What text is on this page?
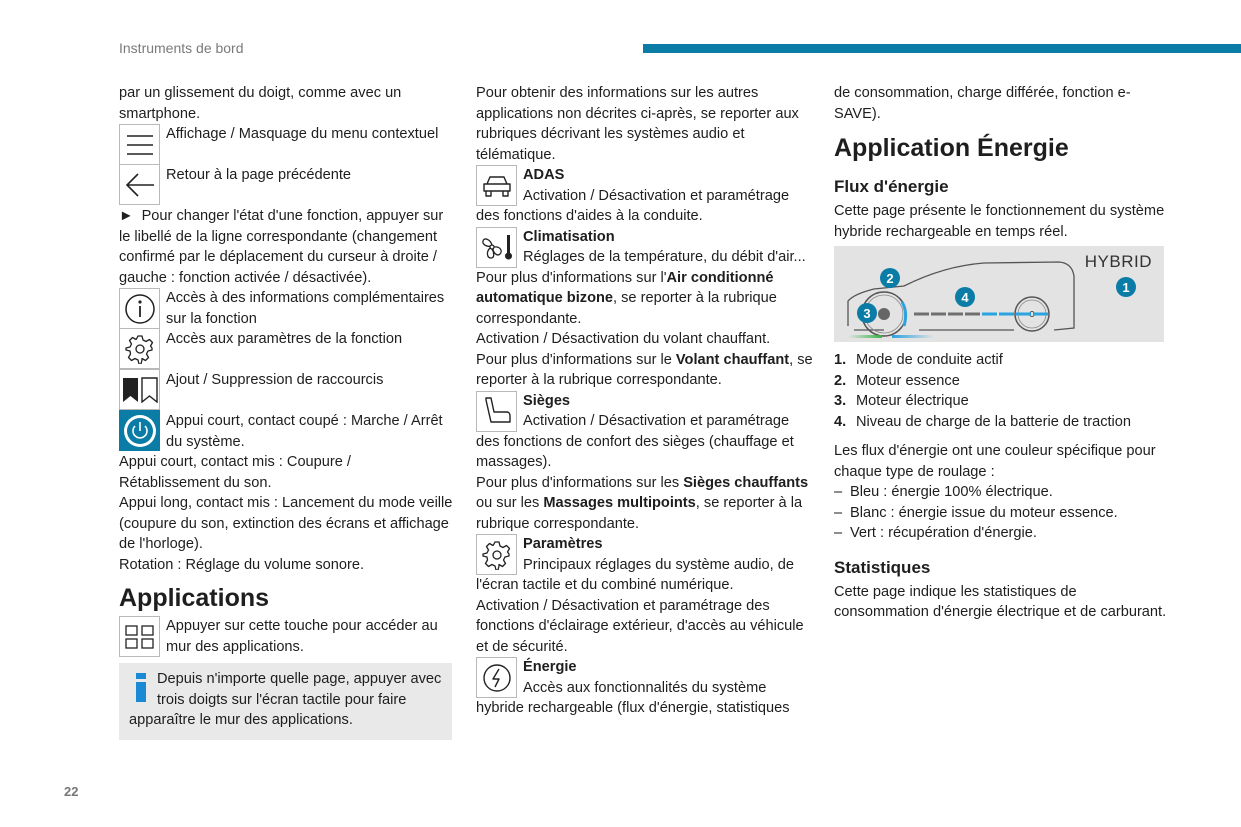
Instruments de bord

par un glissement du doigt, comme avec un smartphone.

Affichage / Masquage du menu contextuel
Retour à la page précédente

► Pour changer l'état d'une fonction, appuyer sur le libellé de la ligne correspondante (changement confirmé par le déplacement du curseur à droite / gauche : fonction activée / désactivée).

Accès à des informations complémentaires sur la fonction
Accès aux paramètres de la fonction
Ajout / Suppression de raccourcis
Appui court, contact coupé : Marche / Arrêt du système.

Appui court, contact mis : Coupure / Rétablissement du son.

Appui long, contact mis : Lancement du mode veille (coupure du son, extinction des écrans et affichage de l'horloge).

Rotation : Réglage du volume sonore.

Applications
Appuyer sur cette touche pour accéder au mur des applications.
Depuis n'importe quelle page, appuyer avec trois doigts sur l'écran tactile pour faire apparaître le mur des applications.

Pour obtenir des informations sur les autres applications non décrites ci-après, se reporter aux rubriques décrivant les systèmes audio et télématique.

ADAS
Activation / Désactivation et paramétrage des fonctions d'aides à la conduite.
Climatisation
Réglages de la température, du débit d'air...

Pour plus d'informations sur l'Air conditionné automatique bizone, se reporter à la rubrique correspondante.

Activation / Désactivation du volant chauffant.

Pour plus d'informations sur le Volant chauffant, se reporter à la rubrique correspondante.

Sièges
Activation / Désactivation et paramétrage des fonctions de confort des sièges (chauffage et massages).

Pour plus d'informations sur les Sièges chauffants ou sur les Massages multipoints, se reporter à la rubrique correspondante.

Paramètres
Principaux réglages du système audio, de l'écran tactile et du combiné numérique.

Activation / Désactivation et paramétrage des fonctions d'éclairage extérieur, d'accès au véhicule et de sécurité.

Énergie
Accès aux fonctionnalités du système hybride rechargeable (flux d'énergie, statistiques

de consommation, charge différée, fonction e-SAVE).

Application Énergie
Flux d'énergie

Cette page présente le fonctionnement du système hybride rechargeable en temps réel.

1
2
3
4
HYBRID
1. Mode de conduite actif
2. Moteur essence
3. Moteur électrique
4. Niveau de charge de la batterie de traction

Les flux d'énergie ont une couleur spécifique pour chaque type de roulage :

– Bleu : énergie 100% électrique.
– Blanc : énergie issue du moteur essence.
– Vert : récupération d'énergie.
Statistiques

Cette page indique les statistiques de consommation d'énergie électrique et de carburant.

22
